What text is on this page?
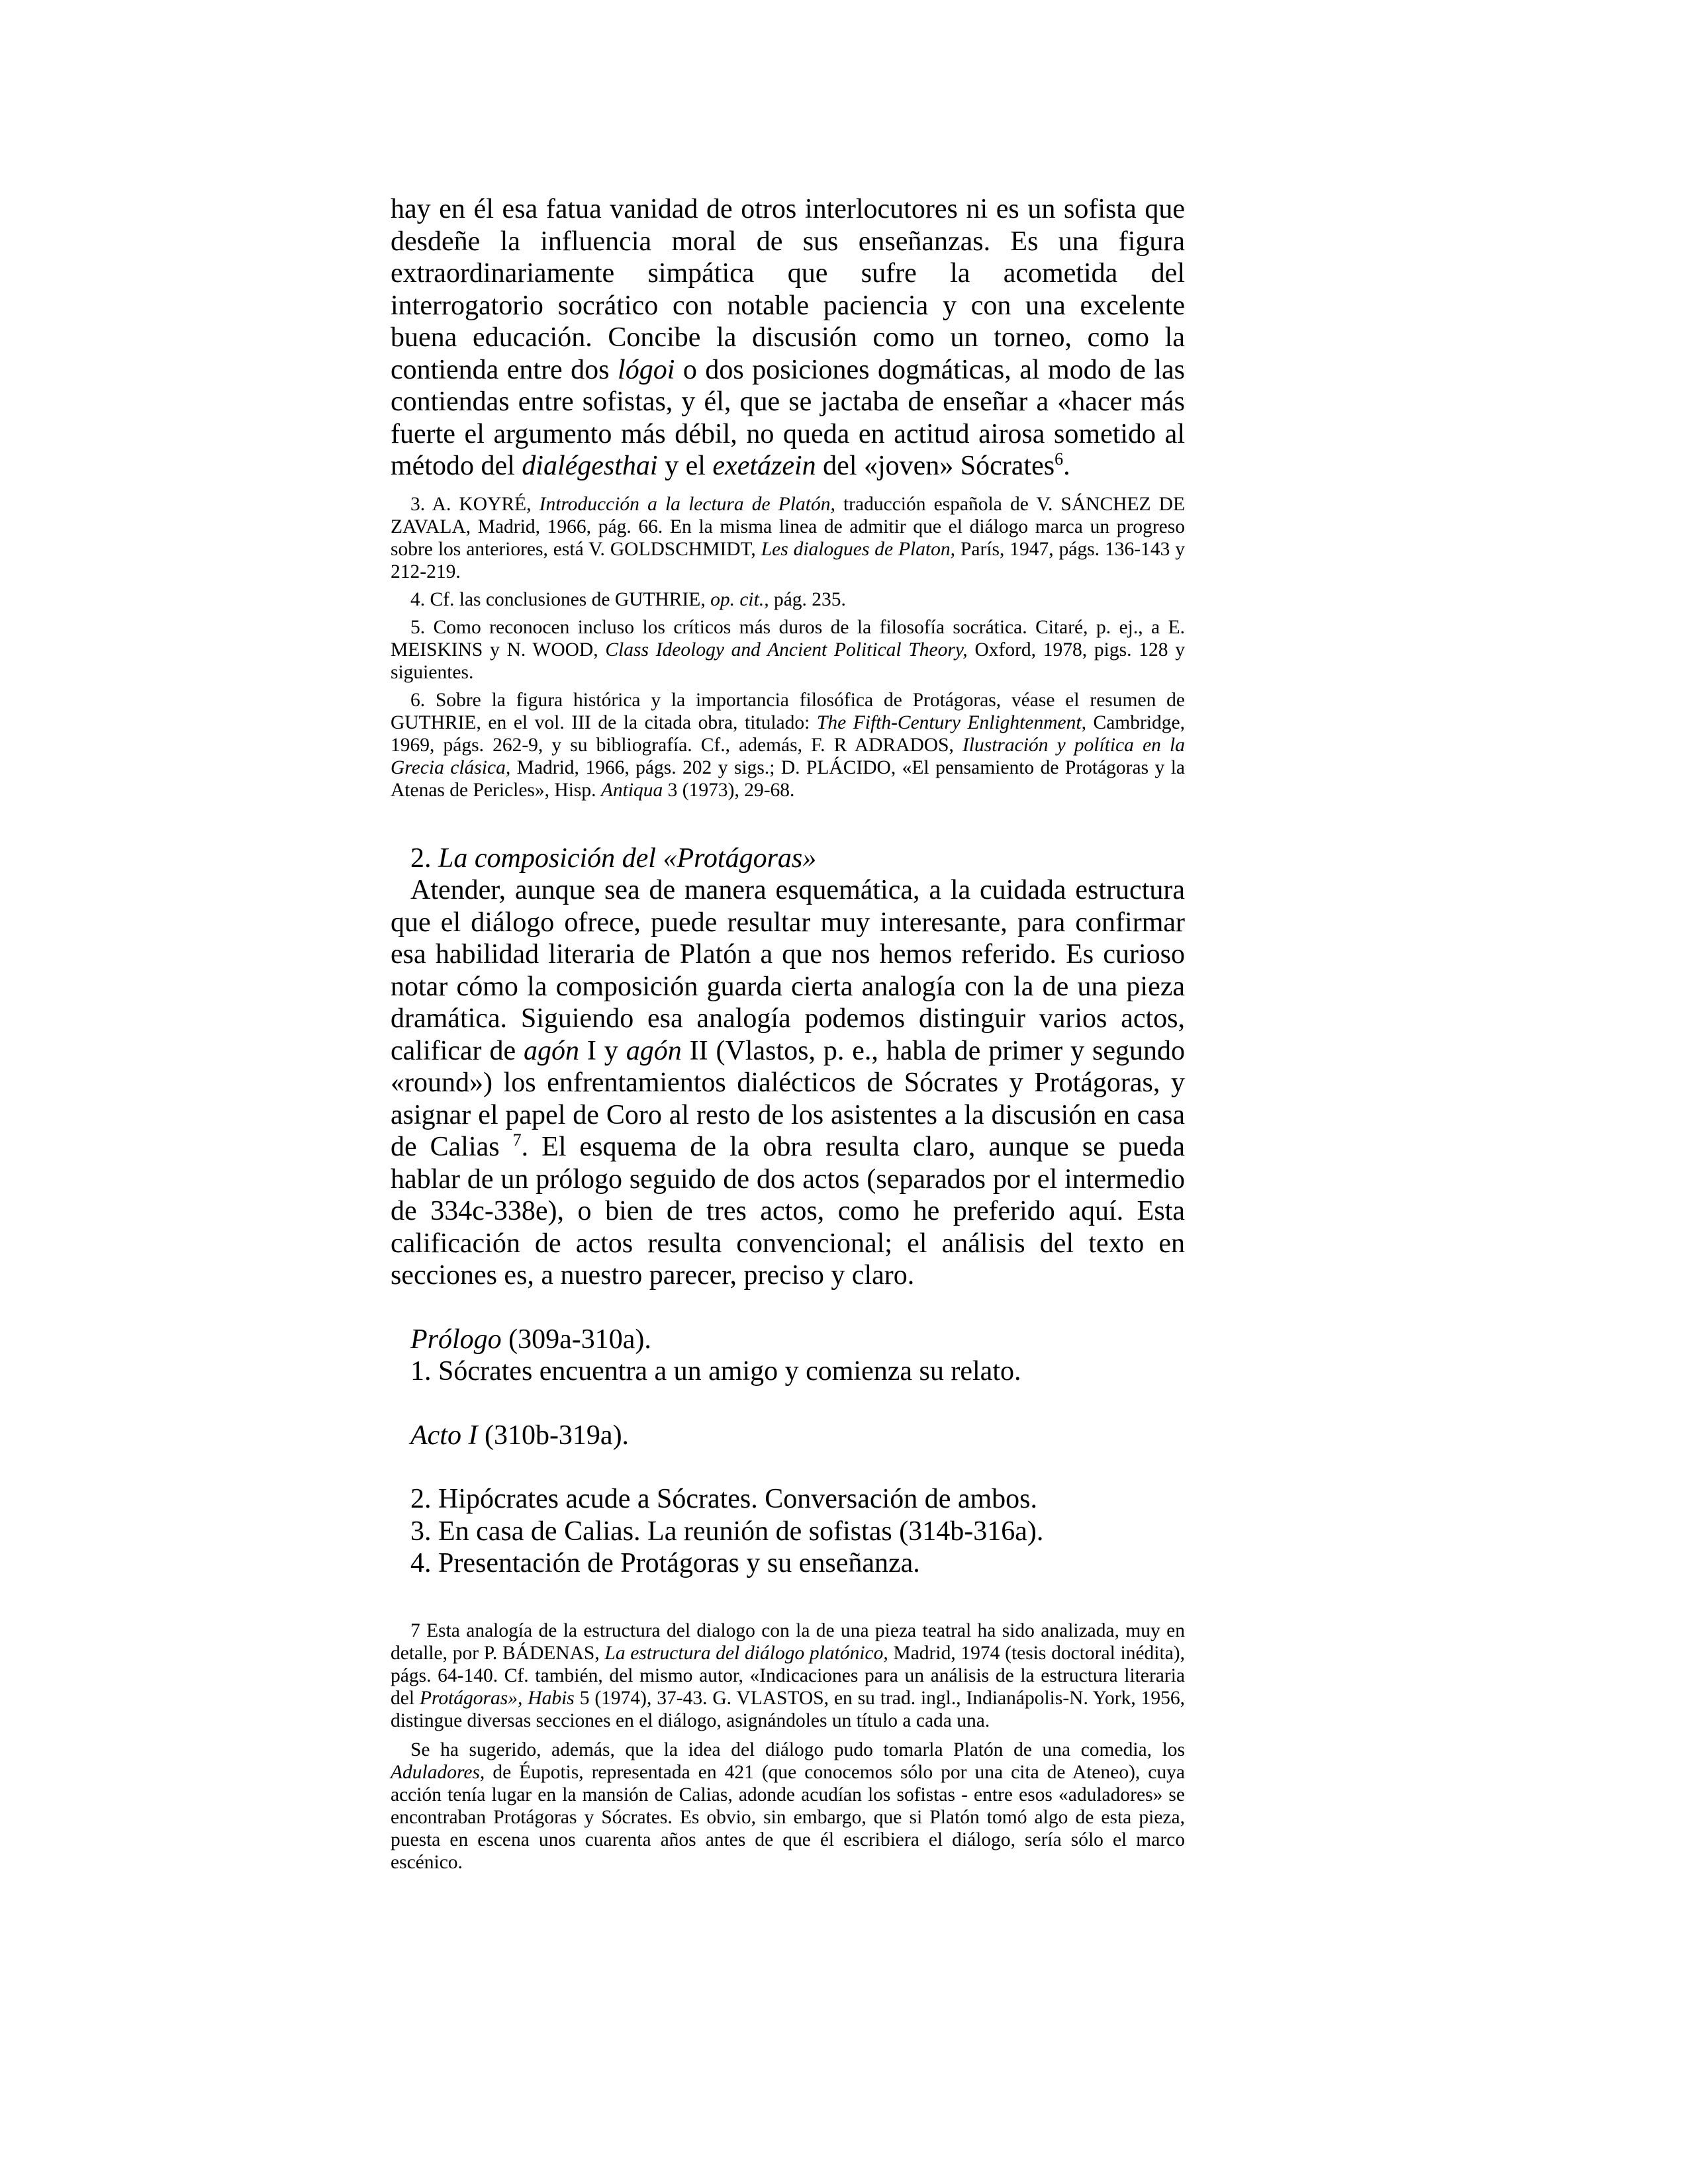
hay en él esa fatua vanidad de otros interlocutores ni es un sofista que desdeñe la influencia moral de sus enseñanzas. Es una figura extraordinariamente simpática que sufre la acometida del interrogatorio socrático con notable paciencia y con una excelente buena educación. Concibe la discusión como un torneo, como la contienda entre dos lógoi o dos posiciones dogmáticas, al modo de las contiendas entre sofistas, y él, que se jactaba de enseñar a «hacer más fuerte el argumento más débil, no queda en actitud airosa sometido al método del dialégesthai y el exetázein del «joven» Sócrates$^6$.

3. A. KOYRÉ, Introducción a la lectura de Platón, traducción española de V. SÁNCHEZ DE ZAVALA, Madrid, 1966, pág. 66. En la misma linea de admitir que el diálogo marca un progreso sobre los anteriores, está V. GOLDSCHMIDT, Les dialogues de Platon, París, 1947, págs. 136-143 y 212-219.

4. Cf. las conclusiones de GUTHRIE, op. cit., pág. 235.

5. Como reconocen incluso los críticos más duros de la filosofía socrática. Citaré, p. ej., a E. MEISKINS y N. WOOD, Class Ideology and Ancient Political Theory, Oxford, 1978, pigs. 128 y siguientes.

6. Sobre la figura histórica y la importancia filosófica de Protágoras, véase el resumen de GUTHRIE, en el vol. III de la citada obra, titulado: The Fifth-Century Enlightenment, Cambridge, 1969, págs. 262-9, y su bibliografía. Cf., además, F. R ADRADOS, Ilustración y política en la Grecia clásica, Madrid, 1966, págs. 202 y sigs.; D. PLÁCIDO, «El pensamiento de Protágoras y la Atenas de Pericles», Hisp. Antiqua 3 (1973), 29-68.

2. La composición del «Protágoras»

Atender, aunque sea de manera esquemática, a la cuidada estructura que el diálogo ofrece, puede resultar muy interesante, para confirmar esa habilidad literaria de Platón a que nos hemos referido. Es curioso notar cómo la composición guarda cierta analogía con la de una pieza dramática. Siguiendo esa analogía podemos distinguir varios actos, calificar de agón I y agón II (Vlastos, p. e., habla de primer y segundo «round») los enfrentamientos dialécticos de Sócrates y Protágoras, y asignar el papel de Coro al resto de los asistentes a la discusión en casa de Calias $^7$. El esquema de la obra resulta claro, aunque se pueda hablar de un prólogo seguido de dos actos (separados por el intermedio de 334c-338e), o bien de tres actos, como he preferido aquí. Esta calificación de actos resulta convencional; el análisis del texto en secciones es, a nuestro parecer, preciso y claro.

Prólogo (309a-310a).

1. Sócrates encuentra a un amigo y comienza su relato.

Acto I (310b-319a).

2. Hipócrates acude a Sócrates. Conversación de ambos.

3. En casa de Calias. La reunión de sofistas (314b-316a).

4. Presentación de Protágoras y su enseñanza.

7 Esta analogía de la estructura del dialogo con la de una pieza teatral ha sido analizada, muy en detalle, por P. BÁDENAS, La estructura del diálogo platónico, Madrid, 1974 (tesis doctoral inédita), págs. 64-140. Cf. también, del mismo autor, «Indicaciones para un análisis de la estructura literaria del Protágoras», Habis 5 (1974), 37-43. G. VLASTOS, en su trad. ingl., Indianápolis-N. York, 1956, distingue diversas secciones en el diálogo, asignándoles un título a cada una.

Se ha sugerido, además, que la idea del diálogo pudo tomarla Platón de una comedia, los Aduladores, de Éupotis, representada en 421 (que conocemos sólo por una cita de Ateneo), cuya acción tenía lugar en la mansión de Calias, adonde acudían los sofistas - entre esos «aduladores» se encontraban Protágoras y Sócrates. Es obvio, sin embargo, que si Platón tomó algo de esta pieza, puesta en escena unos cuarenta años antes de que él escribiera el diálogo, sería sólo el marco escénico.
